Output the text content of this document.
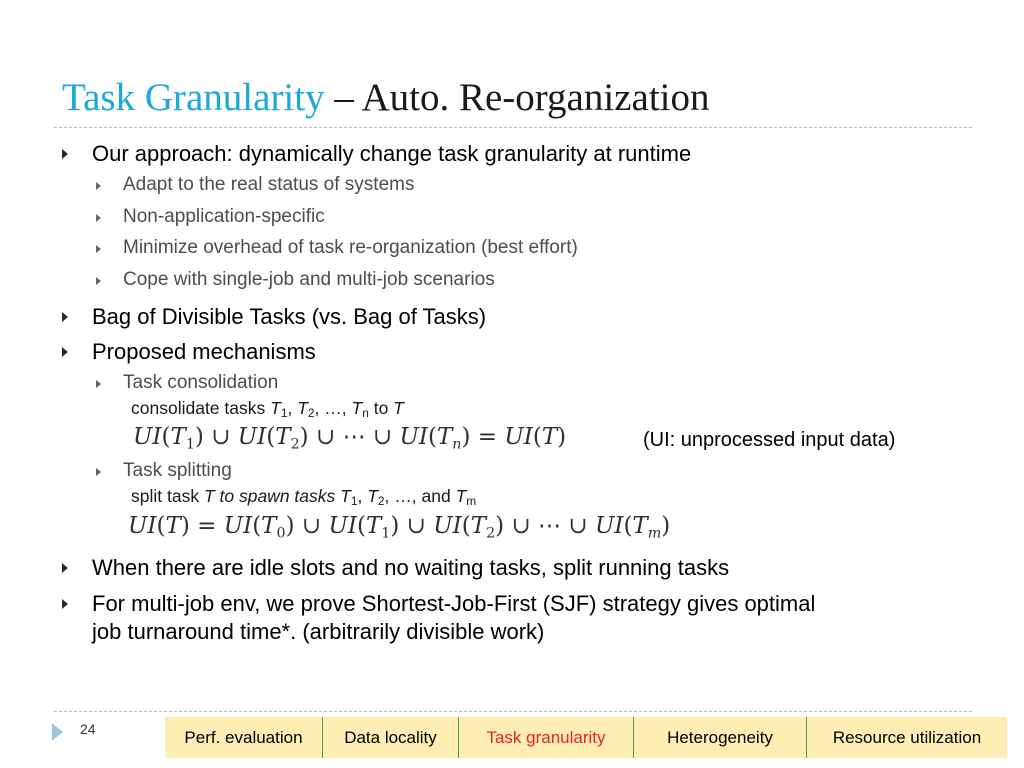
Task Granularity – Auto. Re-organization
Our approach: dynamically change task granularity at runtime
Adapt to the real status of systems
Non-application-specific
Minimize overhead of task re-organization (best effort)
Cope with single-job and multi-job scenarios
Bag of Divisible Tasks (vs. Bag of Tasks)
Proposed mechanisms
Task consolidation
consolidate tasks $T_1$, $T_2$, …, $T_n$ to T
$UI(T_1)$ ∪ $UI(T_2)$ ∪ ⋯ ∪ $UI(T_n) = UI(T)$	(UI: unprocessed input data)
Task splitting
split task T to spawn tasks $T_1$, $T_2$, …, and $T_m$
$UI(T) = UI(T_0)$ ∪ $UI(T_1)$ ∪ $UI(T_2)$ ∪ ⋯ ∪ $UI(T_m)$
When there are idle slots and no waiting tasks, split running tasks
For multi-job env, we prove Shortest-Job-First (SJF) strategy gives optimal
job turnaround time*. (arbitrarily divisible work)
24	Perf. evaluation	Data locality	Task granularity	Heterogeneity	Resource utilization
